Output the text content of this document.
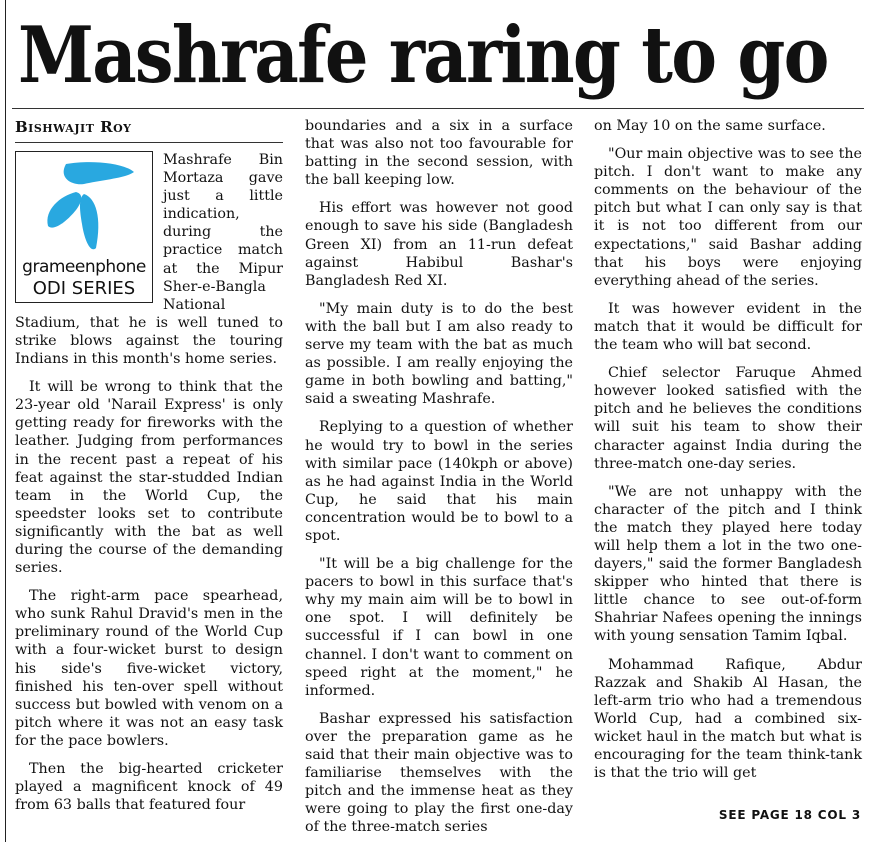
Mashrafe raring to go
Bishwajit Roy
grameenphone
ODI SERIES

Mashrafe Bin Mortaza gave just a little indication, during the practice match at the Mipur Sher-e-Bangla National Stadium, that he is well tuned to strike blows against the touring Indians in this month's home series.

It will be wrong to think that the 23-year old 'Narail Express' is only getting ready for fireworks with the leather. Judging from performances in the recent past a repeat of his feat against the star-studded Indian team in the World Cup, the speedster looks set to contribute significantly with the bat as well during the course of the demanding series.

The right-arm pace spearhead, who sunk Rahul Dravid's men in the preliminary round of the World Cup with a four-wicket burst to design his side's five-wicket victory, finished his ten-over spell without success but bowled with venom on a pitch where it was not an easy task for the pace bowlers.

Then the big-hearted cricketer played a magnificent knock of 49 from 63 balls that featured four

boundaries and a six in a surface that was also not too favourable for batting in the second session, with the ball keeping low.

His effort was however not good enough to save his side (Bangladesh Green XI) from an 11-run defeat against Habibul Bashar's Bangladesh Red XI.

"My main duty is to do the best with the ball but I am also ready to serve my team with the bat as much as possible. I am really enjoying the game in both bowling and batting," said a sweating Mashrafe.

Replying to a question of whether he would try to bowl in the series with similar pace (140kph or above) as he had against India in the World Cup, he said that his main concentration would be to bowl to a spot.

"It will be a big challenge for the pacers to bowl in this surface that's why my main aim will be to bowl in one spot. I will definitely be successful if I can bowl in one channel. I don't want to comment on speed right at the moment," he informed.

Bashar expressed his satisfaction over the preparation game as he said that their main objective was to familiarise themselves with the pitch and the immense heat as they were going to play the first one-day of the three-match series

on May 10 on the same surface.

"Our main objective was to see the pitch. I don't want to make any comments on the behaviour of the pitch but what I can only say is that it is not too different from our expectations," said Bashar adding that his boys were enjoying everything ahead of the series.

It was however evident in the match that it would be difficult for the team who will bat second.

Chief selector Faruque Ahmed however looked satisfied with the pitch and he believes the conditions will suit his team to show their character against India during the three-match one-day series.

"We are not unhappy with the character of the pitch and I think the match they played here today will help them a lot in the two one-dayers," said the former Bangladesh skipper who hinted that there is little chance to see out-of-form Shahriar Nafees opening the innings with young sensation Tamim Iqbal.

Mohammad Rafique, Abdur Razzak and Shakib Al Hasan, the left-arm trio who had a tremendous World Cup, had a combined six-wicket haul in the match but what is encouraging for the team think-tank is that the trio will get

SEE PAGE 18 COL 3
